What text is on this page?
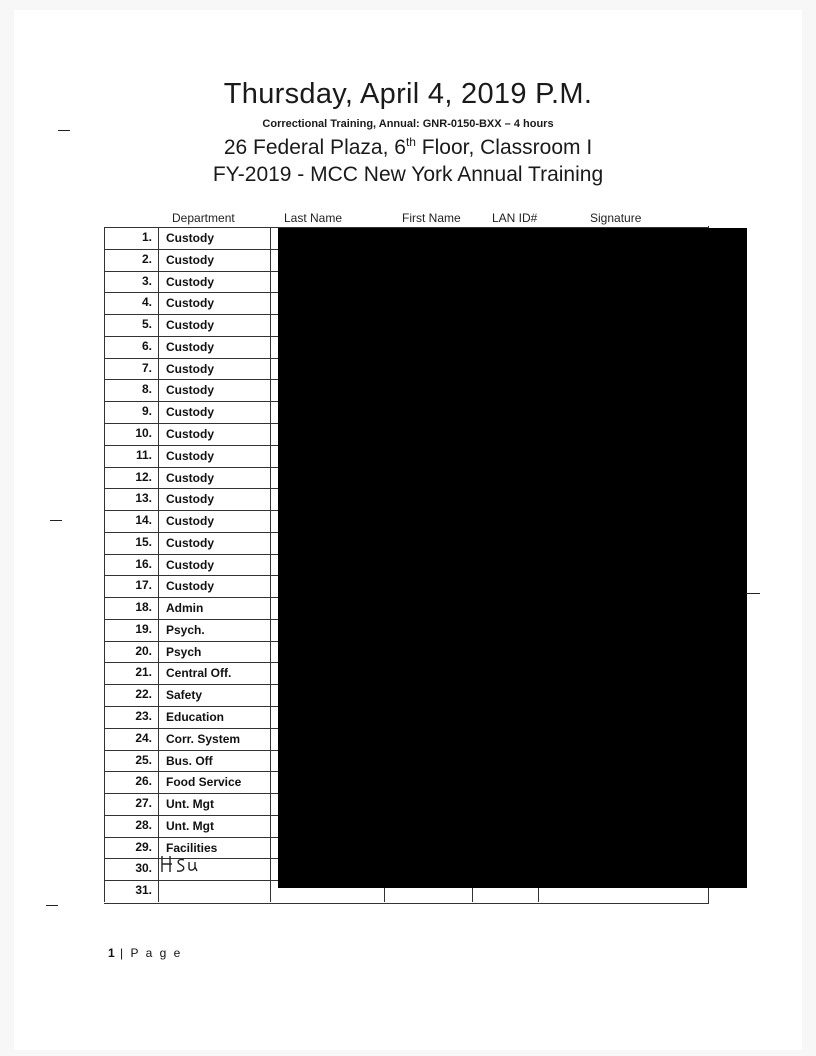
Thursday, April 4, 2019 P.M.
Correctional Training, Annual: GNR-0150-BXX – 4 hours
26 Federal Plaza, 6th Floor, Classroom I
FY-2019 - MCC New York Annual Training
Department	Last Name	First Name	LAN ID#	Signature
1. Custody
2. Custody
3. Custody
4. Custody
5. Custody
6. Custody
7. Custody
8. Custody
9. Custody
10. Custody
11. Custody
12. Custody
13. Custody
14. Custody
15. Custody
16. Custody
17. Custody
18. Admin
19. Psych.
20. Psych
21. Central Off.
22. Safety
23. Education
24. Corr. System
25. Bus. Off
26. Food Service
27. Unt. Mgt
28. Unt. Mgt
29. Facilities
30.
31.
1 | P a g e
